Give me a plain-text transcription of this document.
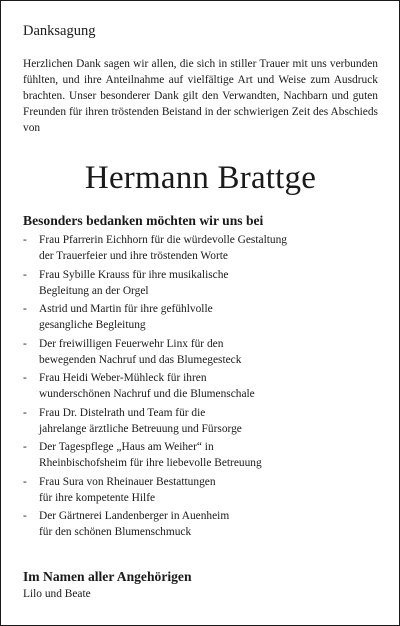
Danksagung

Herzlichen Dank sagen wir allen, die sich in stiller Trauer mit uns verbunden fühlten, und ihre Anteilnahme auf vielfältige Art und Weise zum Ausdruck brachten. Unser besonderer Dank gilt den Verwandten, Nachbarn und guten Freunden für ihren tröstenden Beistand in der schwierigen Zeit des Abschieds von

Hermann Brattge
Besonders bedanken möchten wir uns bei
-	Frau Pfarrerin Eichhorn für die würdevolle Gestaltung
der Trauerfeier und ihre tröstenden Worte
-	Frau Sybille Krauss für ihre musikalische
Begleitung an der Orgel
-	Astrid und Martin für ihre gefühlvolle
gesangliche Begleitung
-	Der freiwilligen Feuerwehr Linx für den
bewegenden Nachruf und das Blumegesteck
-	Frau Heidi Weber-Mühleck für ihren
wunderschönen Nachruf und die Blumenschale
-	Frau Dr. Distelrath und Team für die
jahrelange ärztliche Betreuung und Fürsorge
-	Der Tagespflege „Haus am Weiher“ in
Rheinbischofsheim für ihre liebevolle Betreuung
-	Frau Sura von Rheinauer Bestattungen
für ihre kompetente Hilfe
-	Der Gärtnerei Landenberger in Auenheim
für den schönen Blumenschmuck
Im Namen aller Angehörigen
Lilo und Beate
